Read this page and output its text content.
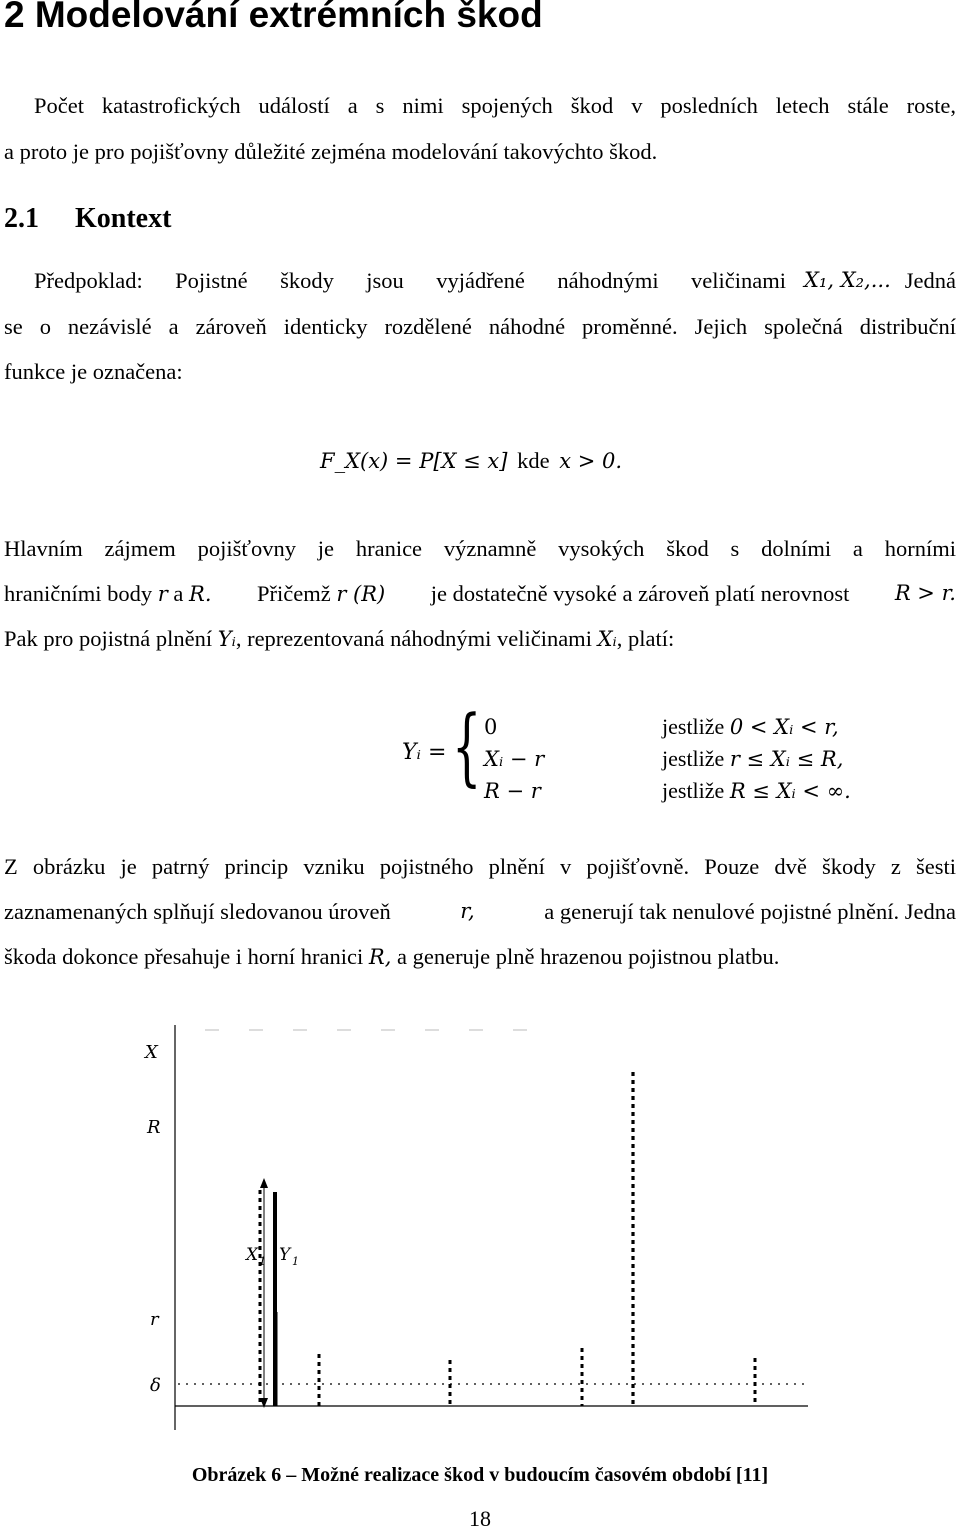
2 Modelování extrémních škod
Počet katastrofických událostí a s nimi spojených škod v posledních letech stále roste,
a proto je pro pojišťovny důležité zejména modelování takovýchto škod.
2.1 Kontext
Předpoklad: Pojistné škody jsou vyjádřené náhodnými veličinami X₁, X₂,... Jedná
se o nezávislé a zároveň identicky rozdělené náhodné proměnné. Jejich společná distribuční
funkce je označena:
F_X(x) = P[X ≤ x] kde x > 0.
Hlavním zájmem pojišťovny je hranice významně vysokých škod s dolními a horními
hraničními body r a R. Přičemž r (R) je dostatečně vysoké a zároveň platí nerovnost R > r.
Pak pro pojistná plnění Yᵢ, reprezentovaná náhodnými veličinami Xᵢ, platí:
Yᵢ = { 0
Xᵢ − r
R − r
jestliže 0 < Xᵢ < r,
jestliže r ≤ Xᵢ ≤ R,
jestliže R ≤ Xᵢ < ∞.
Z obrázku je patrný princip vzniku pojistného plnění v pojišťovně. Pouze dvě škody z šesti
zaznamenaných splňují sledovanou úroveň	r,	a generují tak nenulové pojistné plnění. Jedna
škoda dokonce přesahuje i horní hranici R, a generuje plně hrazenou pojistnou platbu.
X
R
r
δ
X 1 Y 1
Obrázek 6 – Možné realizace škod v budoucím časovém období [11]
18
